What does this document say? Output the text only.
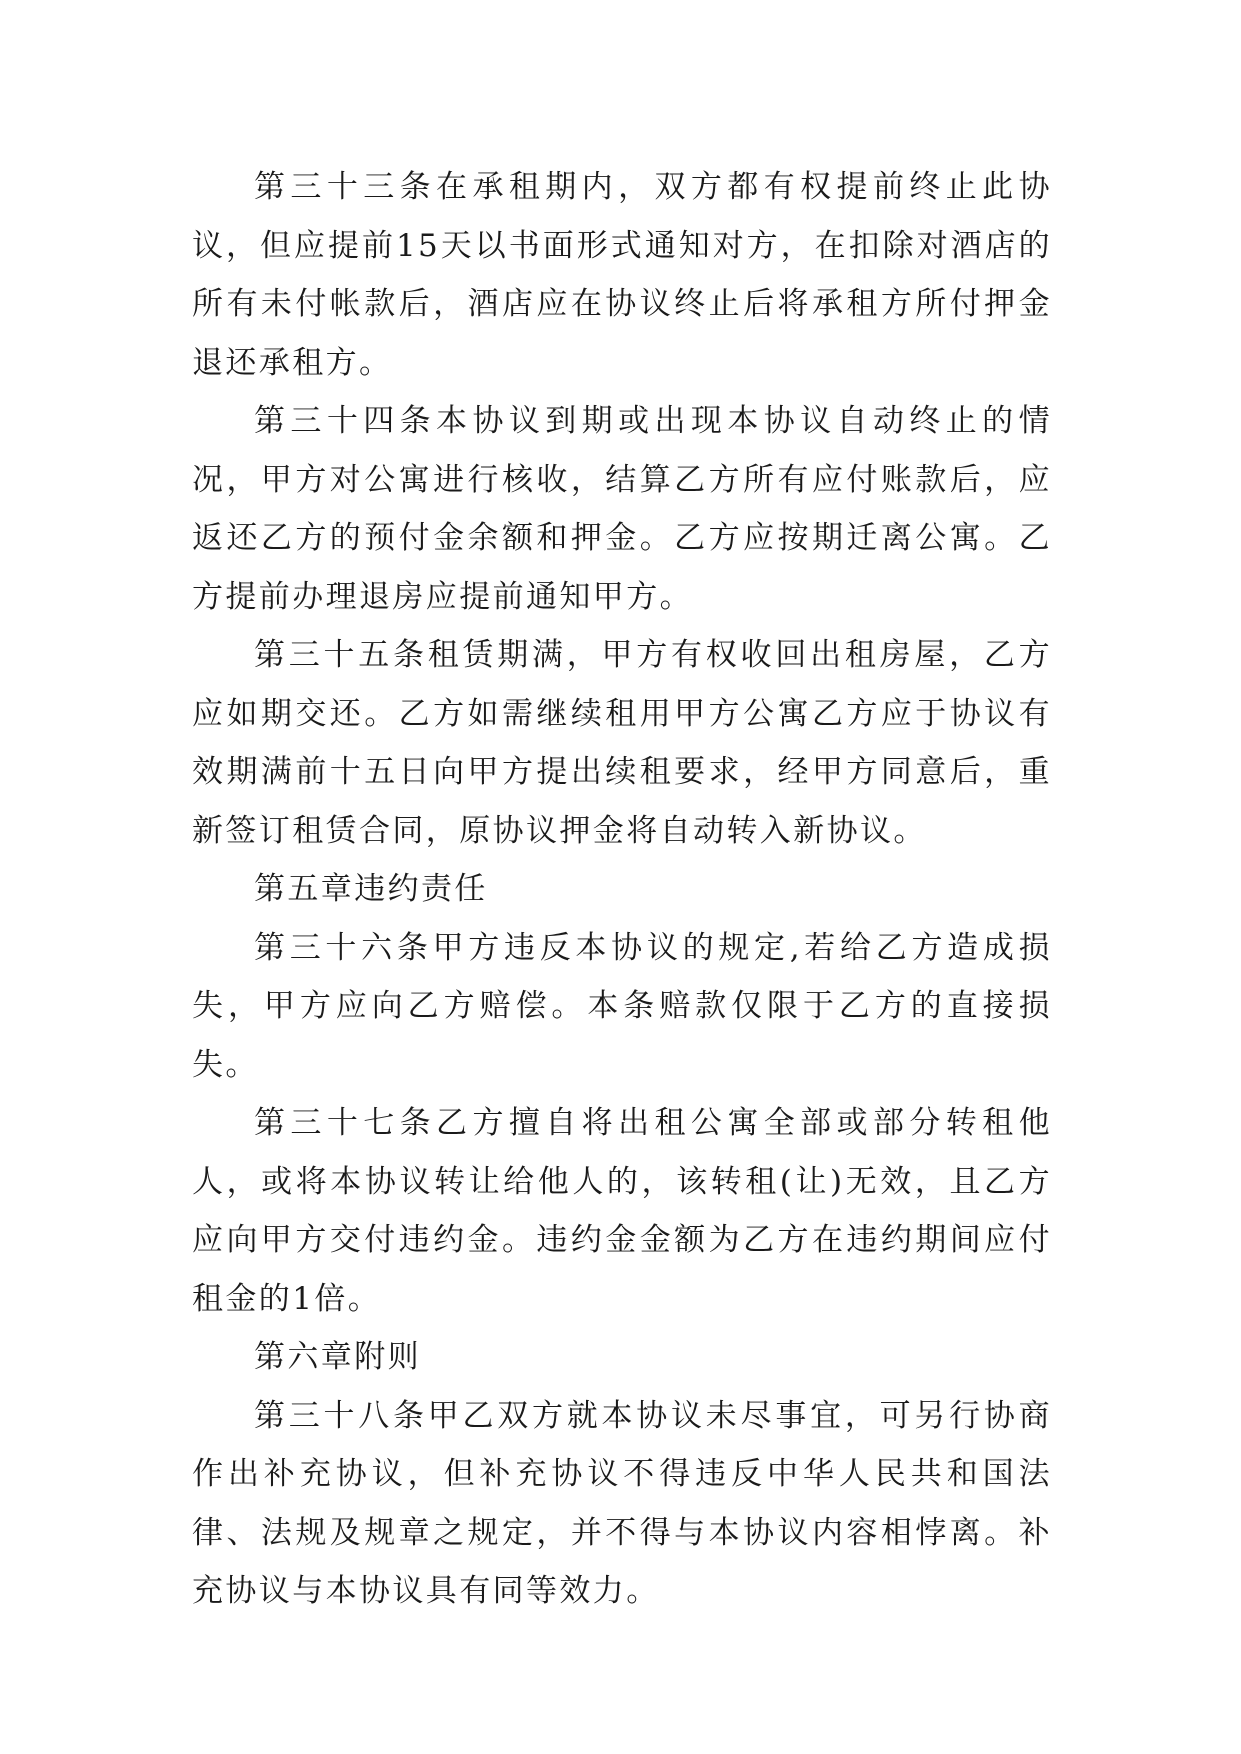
第三十三条在承租期内，双方都有权提前终止此协议，但应提前15天以书面形式通知对方，在扣除对酒店的所有未付帐款后，酒店应在协议终止后将承租方所付押金退还承租方。

第三十四条本协议到期或出现本协议自动终止的情况，甲方对公寓进行核收，结算乙方所有应付账款后，应返还乙方的预付金余额和押金。乙方应按期迁离公寓。乙方提前办理退房应提前通知甲方。

第三十五条租赁期满，甲方有权收回出租房屋，乙方应如期交还。乙方如需继续租用甲方公寓乙方应于协议有效期满前十五日向甲方提出续租要求，经甲方同意后，重新签订租赁合同，原协议押金将自动转入新协议。

第五章违约责任

第三十六条甲方违反本协议的规定,若给乙方造成损失，甲方应向乙方赔偿。本条赔款仅限于乙方的直接损失。

第三十七条乙方擅自将出租公寓全部或部分转租他人，或将本协议转让给他人的，该转租(让)无效，且乙方应向甲方交付违约金。违约金金额为乙方在违约期间应付租金的1倍。

第六章附则

第三十八条甲乙双方就本协议未尽事宜，可另行协商作出补充协议，但补充协议不得违反中华人民共和国法律、法规及规章之规定，并不得与本协议内容相悖离。补充协议与本协议具有同等效力。
